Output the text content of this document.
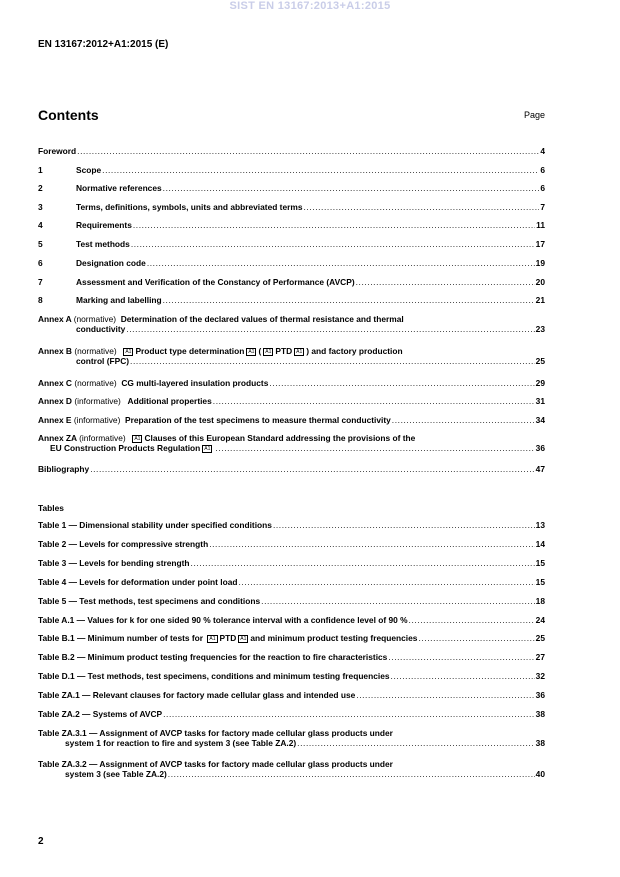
SIST EN 13167:2013+A1:2015
EN 13167:2012+A1:2015 (E)
Contents	Page
Foreword .....	4
1	Scope .....	6
2	Normative references .....	6
3	Terms, definitions, symbols, units and abbreviated terms .....	7
4	Requirements .....	11
5	Test methods .....	17
6	Designation code .....	19
7	Assessment and Verification of the Constancy of Performance (AVCP) .....	20
8	Marking and labelling .....	21
Annex A (normative) Determination of the declared values of thermal resistance and thermal
conductivity .....	23
Annex B (normative) A1 Product type determination A1 ( A1 PTD A1 ) and factory production
control (FPC) .....	25
Annex C (normative) CG multi-layered insulation products .....	29
Annex D (informative) Additional properties .....	31
Annex E (informative) Preparation of the test specimens to measure thermal conductivity .....	34
Annex ZA (informative) A1 Clauses of this European Standard addressing the provisions of the
EU Construction Products Regulation A1 .....	36
Bibliography .....	47
Table 1 — Dimensional stability under specified conditions .....	13
Table 2 — Levels for compressive strength .....	14
Table 3 — Levels for bending strength .....	15
Table 4 — Levels for deformation under point load .....	15
Table 5 — Test methods, test specimens and conditions .....	18
Table A.1 — Values for k for one sided 90 % tolerance interval with a confidence level of 90 % .....	24
Table B.1 — Minimum number of tests for A1 PTD A1 and minimum product testing frequencies .....	25
Table B.2 — Minimum product testing frequencies for the reaction to fire characteristics .....	27
Table D.1 — Test methods, test specimens, conditions and minimum testing frequencies .....	32
Table ZA.1 — Relevant clauses for factory made cellular glass and intended use .....	36
Table ZA.2 — Systems of AVCP .....	38
Table ZA.3.1 — Assignment of AVCP tasks for factory made cellular glass products under
system 1 for reaction to fire and system 3 (see Table ZA.2) .....	38
Table ZA.3.2 — Assignment of AVCP tasks for factory made cellular glass products under
system 3 (see Table ZA.2) .....	40
Tables
2
